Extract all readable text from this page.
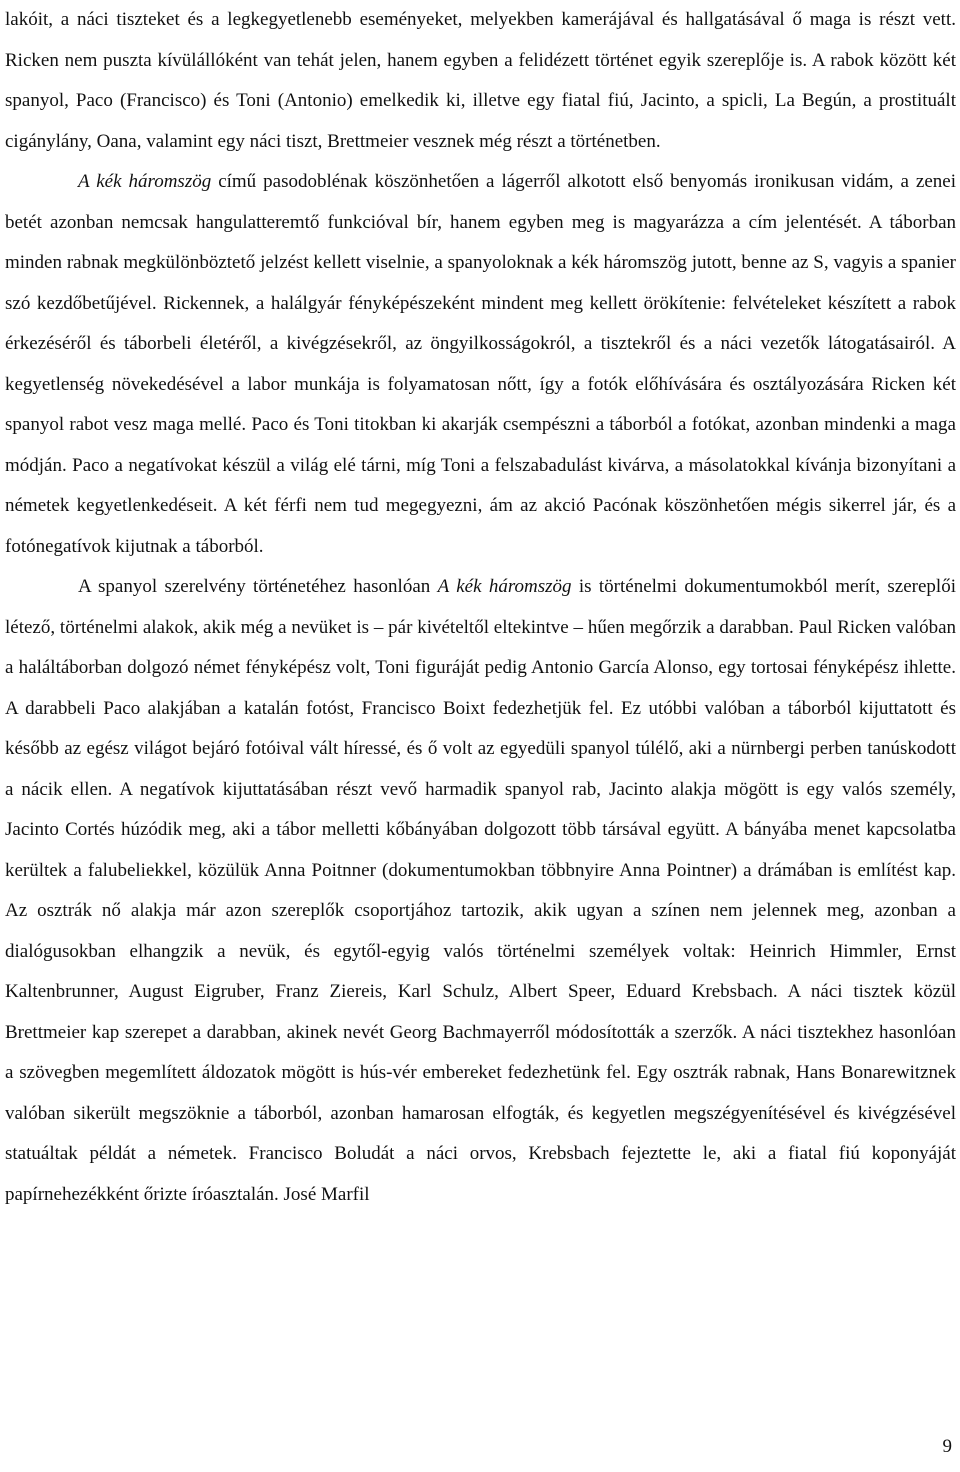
lakóit, a náci tiszteket és a legkegyetlenebb eseményeket, melyekben kamerájával és hallgatásával ő maga is részt vett. Ricken nem puszta kívülállóként van tehát jelen, hanem egyben a felidézett történet egyik szereplője is. A rabok között két spanyol, Paco (Francisco) és Toni (Antonio) emelkedik ki, illetve egy fiatal fiú, Jacinto, a spicli, La Begún, a prostituált cigánylány, Oana, valamint egy náci tiszt, Brettmeier vesznek még részt a történetben.

A kék háromszög című pasodoblénak köszönhetően a lágerről alkotott első benyomás ironikusan vidám, a zenei betét azonban nemcsak hangulatteremtő funkcióval bír, hanem egyben meg is magyarázza a cím jelentését. A táborban minden rabnak megkülönböztető jelzést kellett viselnie, a spanyoloknak a kék háromszög jutott, benne az S, vagyis a spanier szó kezdőbetűjével. Rickennek, a halálgyár fényképészeként mindent meg kellett örökítenie: felvételeket készített a rabok érkezéséről és táborbeli életéről, a kivégzésekről, az öngyilkosságokról, a tisztekről és a náci vezetők látogatásairól. A kegyetlenség növekedésével a labor munkája is folyamatosan nőtt, így a fotók előhívására és osztályozására Ricken két spanyol rabot vesz maga mellé. Paco és Toni titokban ki akarják csempészni a táborból a fotókat, azonban mindenki a maga módján. Paco a negatívokat készül a világ elé tárni, míg Toni a felszabadulást kivárva, a másolatokkal kívánja bizonyítani a németek kegyetlenkedéseit. A két férfi nem tud megegyezni, ám az akció Pacónak köszönhetően mégis sikerrel jár, és a fotónegatívok kijutnak a táborból.

A spanyol szerelvény történetéhez hasonlóan A kék háromszög is történelmi dokumentumokból merít, szereplői létező, történelmi alakok, akik még a nevüket is – pár kivételtől eltekintve – hűen megőrzik a darabban. Paul Ricken valóban a haláltáborban dolgozó német fényképész volt, Toni figuráját pedig Antonio García Alonso, egy tortosai fényképész ihlette. A darabbeli Paco alakjában a katalán fotóst, Francisco Boixt fedezhetjük fel. Ez utóbbi valóban a táborból kijuttatott és később az egész világot bejáró fotóival vált híressé, és ő volt az egyedüli spanyol túlélő, aki a nürnbergi perben tanúskodott a nácik ellen. A negatívok kijuttatásában részt vevő harmadik spanyol rab, Jacinto alakja mögött is egy valós személy, Jacinto Cortés húzódik meg, aki a tábor melletti kőbányában dolgozott több társával együtt. A bányába menet kapcsolatba kerültek a falubeliekkel, közülük Anna Poitnner (dokumentumokban többnyire Anna Pointner) a drámában is említést kap. Az osztrák nő alakja már azon szereplők csoportjához tartozik, akik ugyan a színen nem jelennek meg, azonban a dialógusokban elhangzik a nevük, és egytől-egyig valós történelmi személyek voltak: Heinrich Himmler, Ernst Kaltenbrunner, August Eigruber, Franz Ziereis, Karl Schulz, Albert Speer, Eduard Krebsbach. A náci tisztek közül Brettmeier kap szerepet a darabban, akinek nevét Georg Bachmayerről módosították a szerzők. A náci tisztekhez hasonlóan a szövegben megemlített áldozatok mögött is hús-vér embereket fedezhetünk fel. Egy osztrák rabnak, Hans Bonarewitznek valóban sikerült megszöknie a táborból, azonban hamarosan elfogták, és kegyetlen megszégyenítésével és kivégzésével statuáltak példát a németek. Francisco Boludát a náci orvos, Krebsbach fejeztette le, aki a fiatal fiú koponyáját papírnehezékként őrizte íróasztalán. José Marfil

9
